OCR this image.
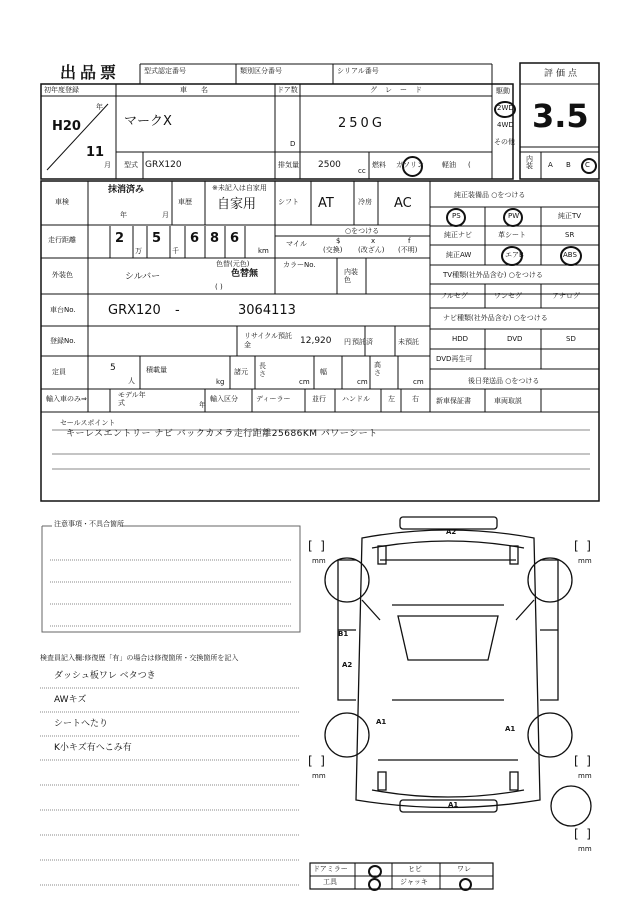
出品票	型式認定番号	類別区分番号	シリアル番号	評価点
3.5
初年度登録
年
H20
11
月
車名
マークX
ドア数
D
グレード
250G
駆動
2WD
4WD
その他
型式 GRX120	排気量 2500
cc
燃料 ガソリン	軽油 (
内装 A B C
車検
抹消済み
年	月
車歴
※未記入は自家用
自家用	シフト AT	冷房 AC
純正装備品 ○をつける
PS	PW	純正TV
純正ナビ	革シート	SR
純正AW	エアB	ABS
走行距離	2
万
5
千
6 8 6
km
マイル
○をつける
$
(交換)
x
(改ざん)
f
(不明)
外装色	シルバー
色替(元色)
色替無
( )
カラーNo.
内装色
TV種類(社外品含む) ○をつける
フルセグ	ワンセグ	アナログ
ナビ種類(社外品含む) ○をつける
HDD	DVD	SD
DVD再生可
車台No. GRX120 -	3064113
登録No.
リサイクル預託金	12,920 円 預託済	未預託
定員	5
人
積載量
kg
諸元
長さ
cm
幅
cm
高さ
cm	後日発送品 ○をつける
新車保証書	車両取説
輸入車のみ⇒	モデル年式	年
輸入区分	ディーラー	並行 ハンドル	左 右
セールスポイント
キーレスエントリー ナビ バックカメラ走行距離25686KM パワーシート
注意事項・不具合箇所
検査員記入欄:修復歴「有」の場合は修復箇所・交換箇所を記入
ダッシュ板ワレ ベタつき
AWキズ
シートへたり
K小キズ有へこみ有
A2
B1
A2
A1
A1
A1
[  ]
mm
[  ]
mm
[  ]
mm
[  ]
mm
[  ]
mm
ドアミラー	ヒビ	ワレ
工具	ジャッキ
